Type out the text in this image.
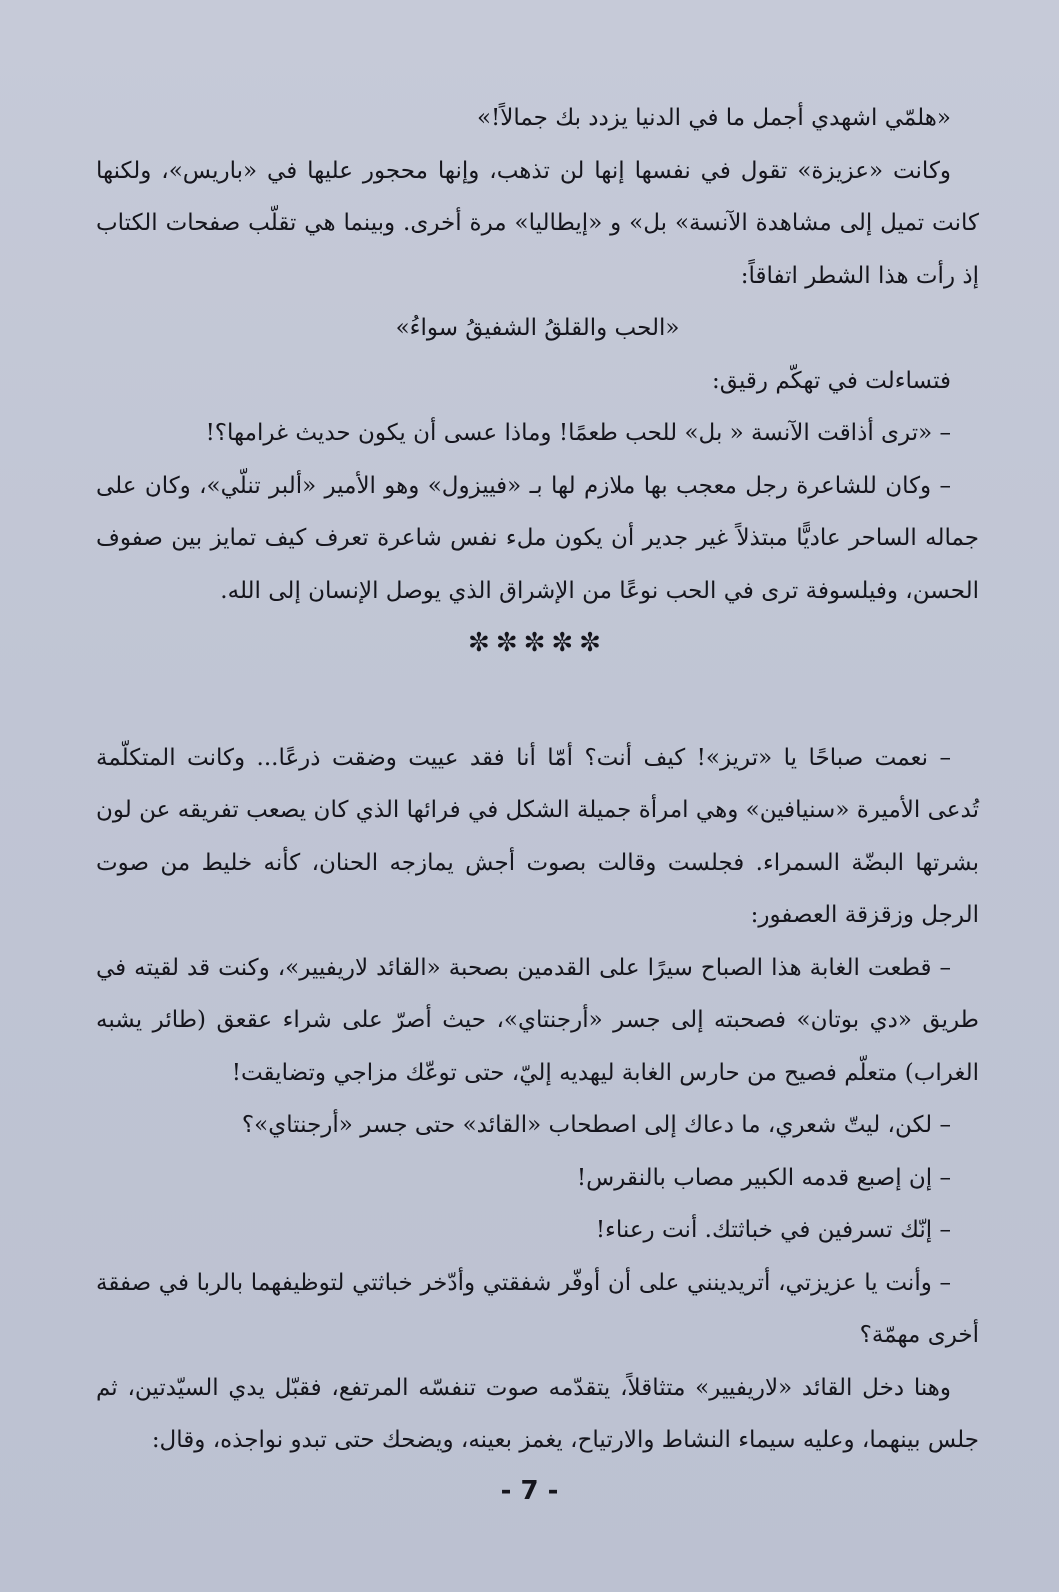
«هلمّي اشهدي أجمل ما في الدنيا يزدد بك جمالاً!»

وكانت «عزيزة» تقول في نفسها إنها لن تذهب، وإنها محجور عليها في «باريس»، ولكنها كانت تميل إلى مشاهدة الآنسة» بل» و «إيطاليا» مرة أخرى. وبينما هي تقلّب صفحات الكتاب إذ رأت هذا الشطر اتفاقاً:

«الحب والقلقُ الشفيقُ سواءُ»

فتساءلت في تهكّم رقيق:

– «ترى أذاقت الآنسة « بل» للحب طعمًا! وماذا عسى أن يكون حديث غرامها؟!

– وكان للشاعرة رجل معجب بها ملازم لها بـ «فييزول» وهو الأمير «ألبر تنلّي»، وكان على جماله الساحر عاديًّا مبتذلاً غير جدير أن يكون ملء نفس شاعرة تعرف كيف تمايز بين صفوف الحسن، وفيلسوفة ترى في الحب نوعًا من الإشراق الذي يوصل الإنسان إلى الله.

✼✼✼✼✼

– نعمت صباحًا يا «تريز»! كيف أنت؟ أمّا أنا فقد عييت وضقت ذرعًا... وكانت المتكلّمة تُدعى الأميرة «سنيافين» وهي امرأة جميلة الشكل في فرائها الذي كان يصعب تفريقه عن لون بشرتها البضّة السمراء. فجلست وقالت بصوت أجش يمازجه الحنان، كأنه خليط من صوت الرجل وزقزقة العصفور:

– قطعت الغابة هذا الصباح سيرًا على القدمين بصحبة «القائد لاريفيير»، وكنت قد لقيته في طريق «دي بوتان» فصحبته إلى جسر «أرجنتاي»، حيث أصرّ على شراء عقعق (طائر يشبه الغراب) متعلّم فصيح من حارس الغابة ليهديه إليّ، حتى توعّك مزاجي وتضايقت!

– لكن، ليتّ شعري، ما دعاك إلى اصطحاب «القائد» حتى جسر «أرجنتاي»؟

– إن إصبع قدمه الكبير مصاب بالنقرس!

– إنّك تسرفين في خباثتك. أنت رعناء!

– وأنت يا عزيزتي، أتريدينني على أن أوفّر شفقتي وأدّخر خباثتي لتوظيفهما بالربا في صفقة أخرى مهمّة؟

وهنا دخل القائد «لاريفيير» متثاقلاً، يتقدّمه صوت تنفسّه المرتفع، فقبّل يدي السيّدتين، ثم جلس بينهما، وعليه سيماء النشاط والارتياح، يغمز بعينه، ويضحك حتى تبدو نواجذه، وقال:

- 7 -
